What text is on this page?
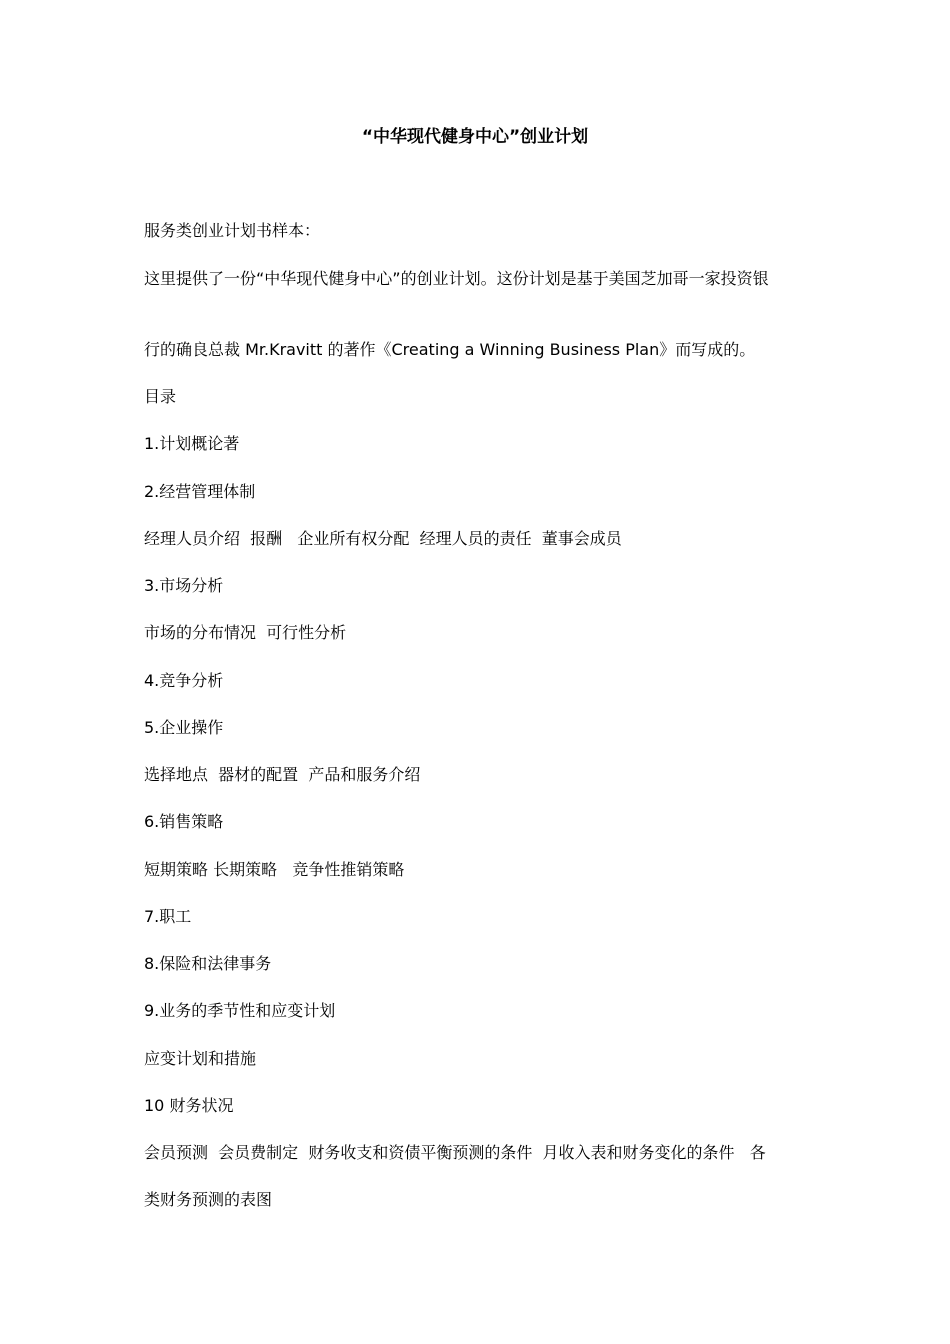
“中华现代健身中心”创业计划
服务类创业计划书样本：
这里提供了一份“中华现代健身中心”的创业计划。这份计划是基于美国芝加哥一家投资银
行的确良总裁 Mr.Kravitt 的著作《Creating a Winning Business Plan》而写成的。
目录
1.计划概论著
2.经营管理体制
经理人员介绍  报酬   企业所有权分配  经理人员的责任  董事会成员
3.市场分析
市场的分布情况  可行性分析
4.竞争分析
5.企业操作
选择地点  器材的配置  产品和服务介绍
6.销售策略
短期策略 长期策略   竞争性推销策略
7.职工
8.保险和法律事务
9.业务的季节性和应变计划
应变计划和措施
10 财务状况
会员预测  会员费制定  财务收支和资债平衡预测的条件  月收入表和财务变化的条件   各
类财务预测的表图
